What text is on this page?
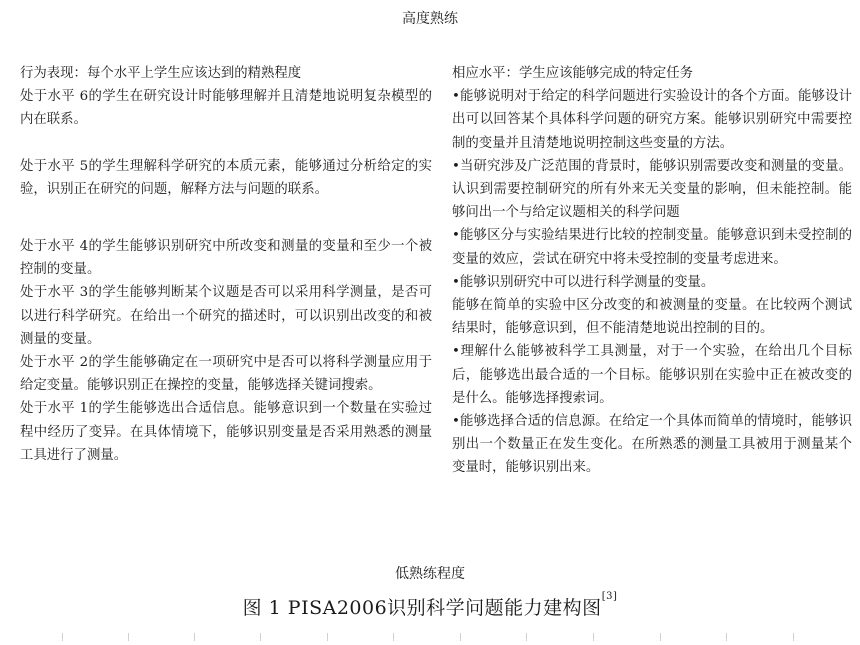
高度熟练

行为表现：每个水平上学生应该达到的精熟程度

处于水平 6的学生在研究设计时能够理解并且清楚地说明复杂模型的内在联系。

处于水平 5的学生理解科学研究的本质元素，能够通过分析给定的实验，识别正在研究的问题，解释方法与问题的联系。

处于水平 4的学生能够识别研究中所改变和测量的变量和至少一个被控制的变量。

处于水平 3的学生能够判断某个议题是否可以采用科学测量，是否可以进行科学研究。在给出一个研究的描述时，可以识别出改变的和被测量的变量。

处于水平 2的学生能够确定在一项研究中是否可以将科学测量应用于给定变量。能够识别正在操控的变量，能够选择关键词搜索。

处于水平 1的学生能够选出合适信息。能够意识到一个数量在实验过程中经历了变异。在具体情境下，能够识别变量是否采用熟悉的测量工具进行了测量。

相应水平：学生应该能够完成的特定任务

•能够说明对于给定的科学问题进行实验设计的各个方面。能够设计出可以回答某个具体科学问题的研究方案。能够识别研究中需要控制的变量并且清楚地说明控制这些变量的方法。

•当研究涉及广泛范围的背景时，能够识别需要改变和测量的变量。认识到需要控制研究的所有外来无关变量的影响，但未能控制。能够问出一个与给定议题相关的科学问题

•能够区分与实验结果进行比较的控制变量。能够意识到未受控制的变量的效应，尝试在研究中将未受控制的变量考虑进来。

•能够识别研究中可以进行科学测量的变量。

能够在简单的实验中区分改变的和被测量的变量。在比较两个测试结果时，能够意识到，但不能清楚地说出控制的目的。

•理解什么能够被科学工具测量，对于一个实验，在给出几个目标后，能够选出最合适的一个目标。能够识别在实验中正在被改变的是什么。能够选择搜索词。

•能够选择合适的信息源。在给定一个具体而简单的情境时，能够识别出一个数量正在发生变化。在所熟悉的测量工具被用于测量某个变量时，能够识别出来。

低熟练程度
图 1 PISA2006识别科学问题能力建构图[3]
